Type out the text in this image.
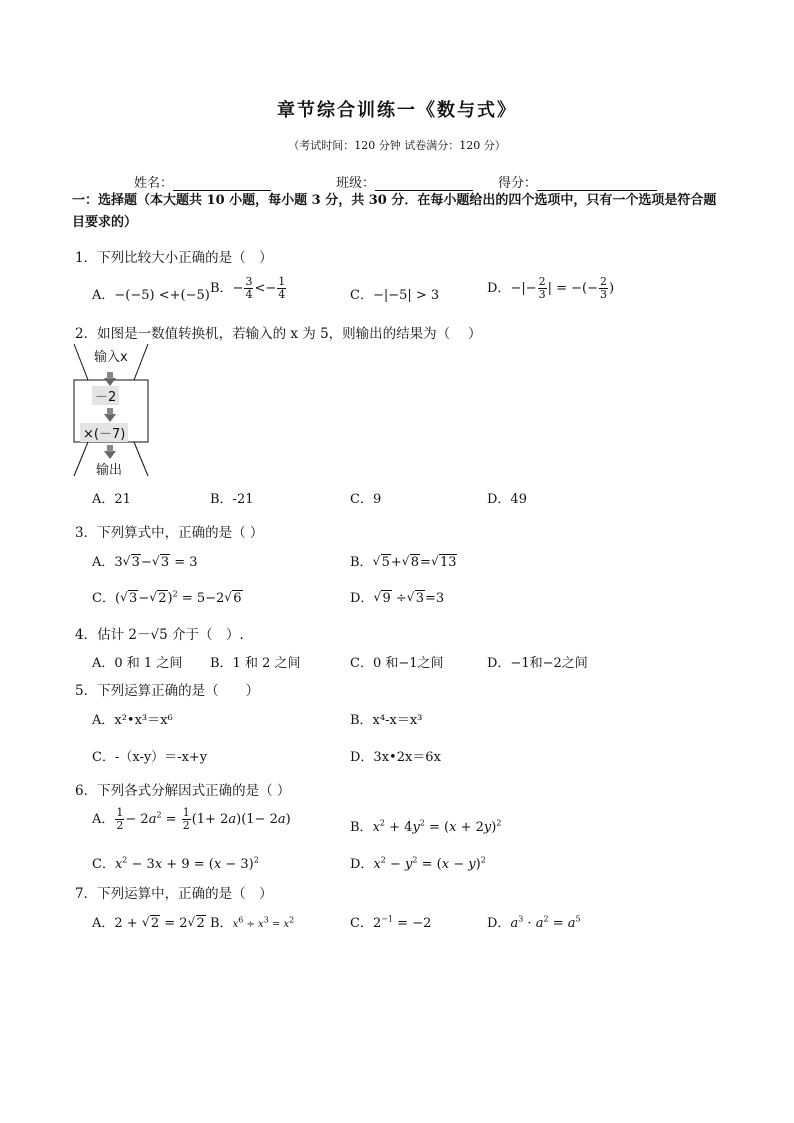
章节综合训练一《数与式》
（考试时间：120 分钟 试卷满分：120 分）
姓名：	班级：	得分：
一：选择题（本大题共 10 小题，每小题 3 分，共 30 分．在每小题给出的四个选项中，只有一个选项是符合题目要求的）
1．下列比较大小正确的是（　）
A．−(−5) <+(−5) B．− $\frac{3}{4} <- \frac{1}{4}$	C．−|−5| > 3	D．−|− $\frac{2}{3}$ | = −(− $\frac{2}{3}$ )
2．如图是一数值转换机，若输入的 x 为 5，则输出的结果为（　 ）
输入x
－2
×(－7)
输出
A．21	B．-21	C．9	D．49
3．下列算式中，正确的是（ ）
A．3 √ 3− √ 3 = 3	B． √ 5+ √ 8= √ 13
C．( √ 3− √ 2)$^2$ = 5−2 √ 6	D． √ 9 ÷ √ 3=3
4．估计 2－√5 介于（　）.
A．0 和 1 之间 B．1 和 2 之间	C．0 和−1之间	D．−1和−2之间
5．下列运算正确的是（　　）
A．x²•x³＝x⁶	B．x⁴-x＝x³
C．-（x-y）＝-x+y	D．3x•2x＝6x
6．下列各式分解因式正确的是（ ）
A． $\frac{1}{2} - 2a^2 = \frac{1}{2} (1+ 2a)(1- 2a)$
B．$x^2 + 4y^2 = (x + 2y)^2$
C．$x^2 - 3x + 9 = (x - 3)^2$	D．$x^2 - y^2 = (x - y)^2$
7．下列运算中，正确的是（　）
A．2 + √ 2 = 2 √ 2 B．$x^6 \div x^3 = x^2$	C．$2^{-1} = -2$	D．$a^3 \cdot a^2 = a^5$
